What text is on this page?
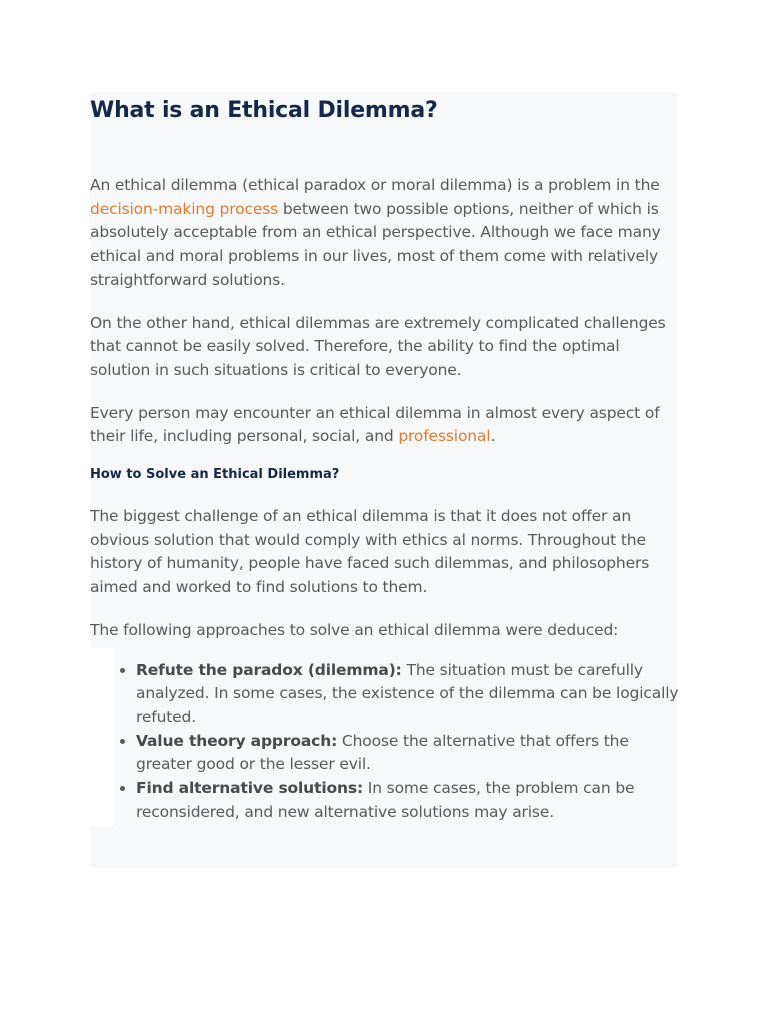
What is an Ethical Dilemma?

An ethical dilemma (ethical paradox or moral dilemma) is a problem in the decision-making process between two possible options, neither of which is absolutely acceptable from an ethical perspective. Although we face many ethical and moral problems in our lives, most of them come with relatively straightforward solutions.

On the other hand, ethical dilemmas are extremely complicated challenges that cannot be easily solved. Therefore, the ability to find the optimal solution in such situations is critical to everyone.

Every person may encounter an ethical dilemma in almost every aspect of their life, including personal, social, and professional.

How to Solve an Ethical Dilemma?

The biggest challenge of an ethical dilemma is that it does not offer an obvious solution that would comply with ethics al norms. Throughout the history of humanity, people have faced such dilemmas, and philosophers aimed and worked to find solutions to them.

The following approaches to solve an ethical dilemma were deduced:

• Refute the paradox (dilemma): The situation must be carefully analyzed. In some cases, the existence of the dilemma can be logically refuted.
• Value theory approach: Choose the alternative that offers the greater good or the lesser evil.
• Find alternative solutions: In some cases, the problem can be reconsidered, and new alternative solutions may arise.
